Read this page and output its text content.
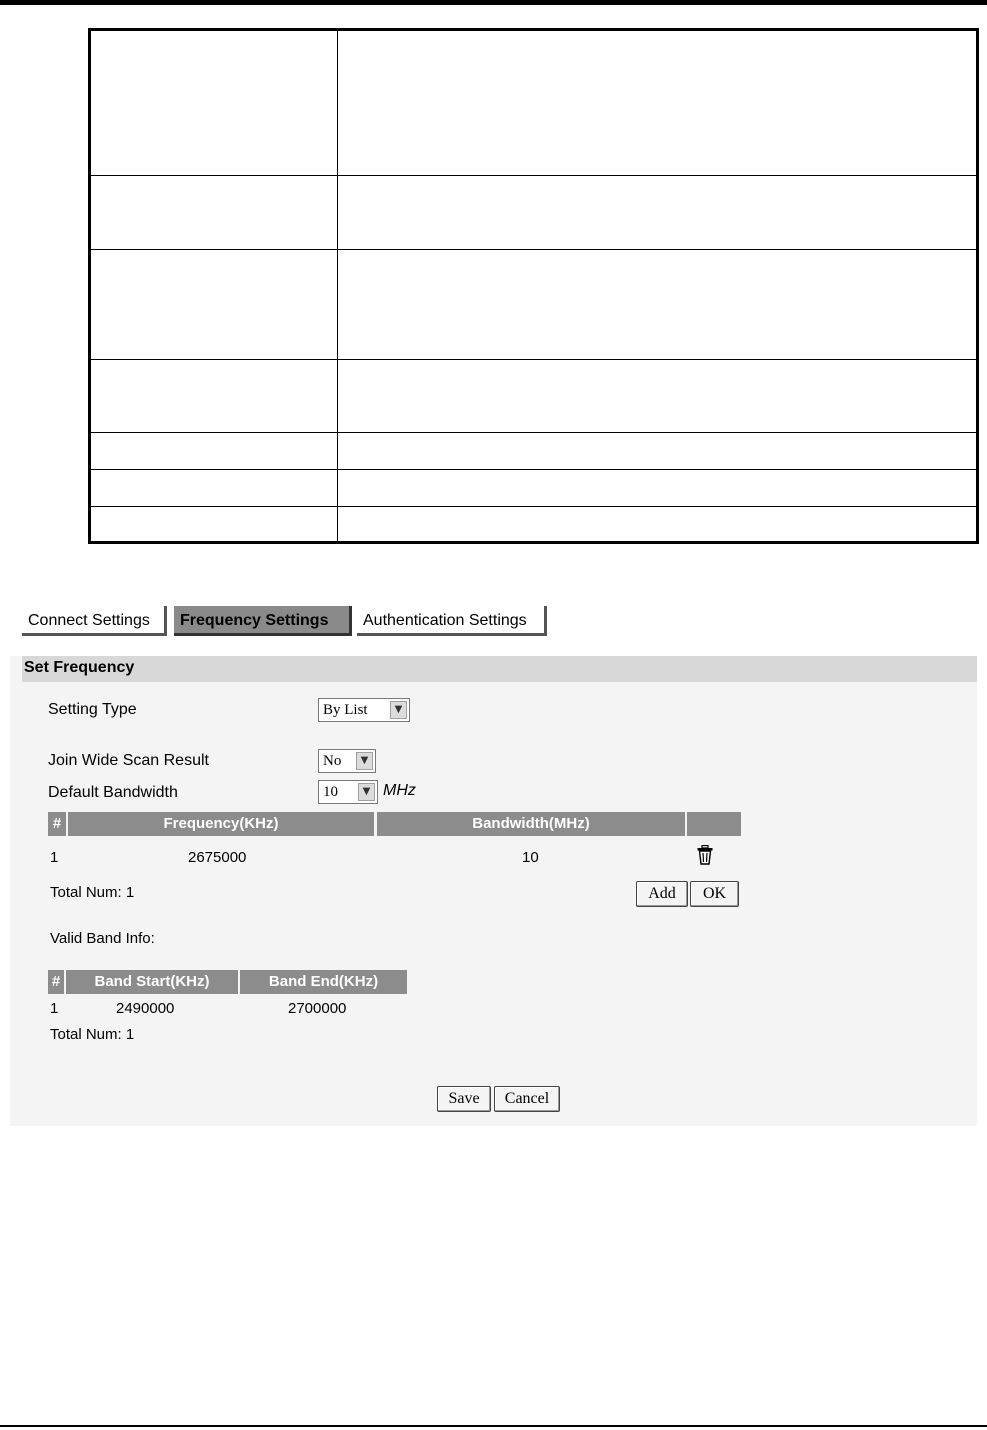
Connect Settings	Frequency Settings	Authentication Settings
Set Frequency
Setting Type	By List	▼
Join Wide Scan Result	No	▼
Default Bandwidth	10	▼ MHz
#	Frequency(KHz)	Bandwidth(MHz)
1	2675000	10
Total Num: 1	Add	OK
Valid Band Info:
#	Band Start(KHz)	Band End(KHz)
1	2490000	2700000
Total Num: 1
Save	Cancel
